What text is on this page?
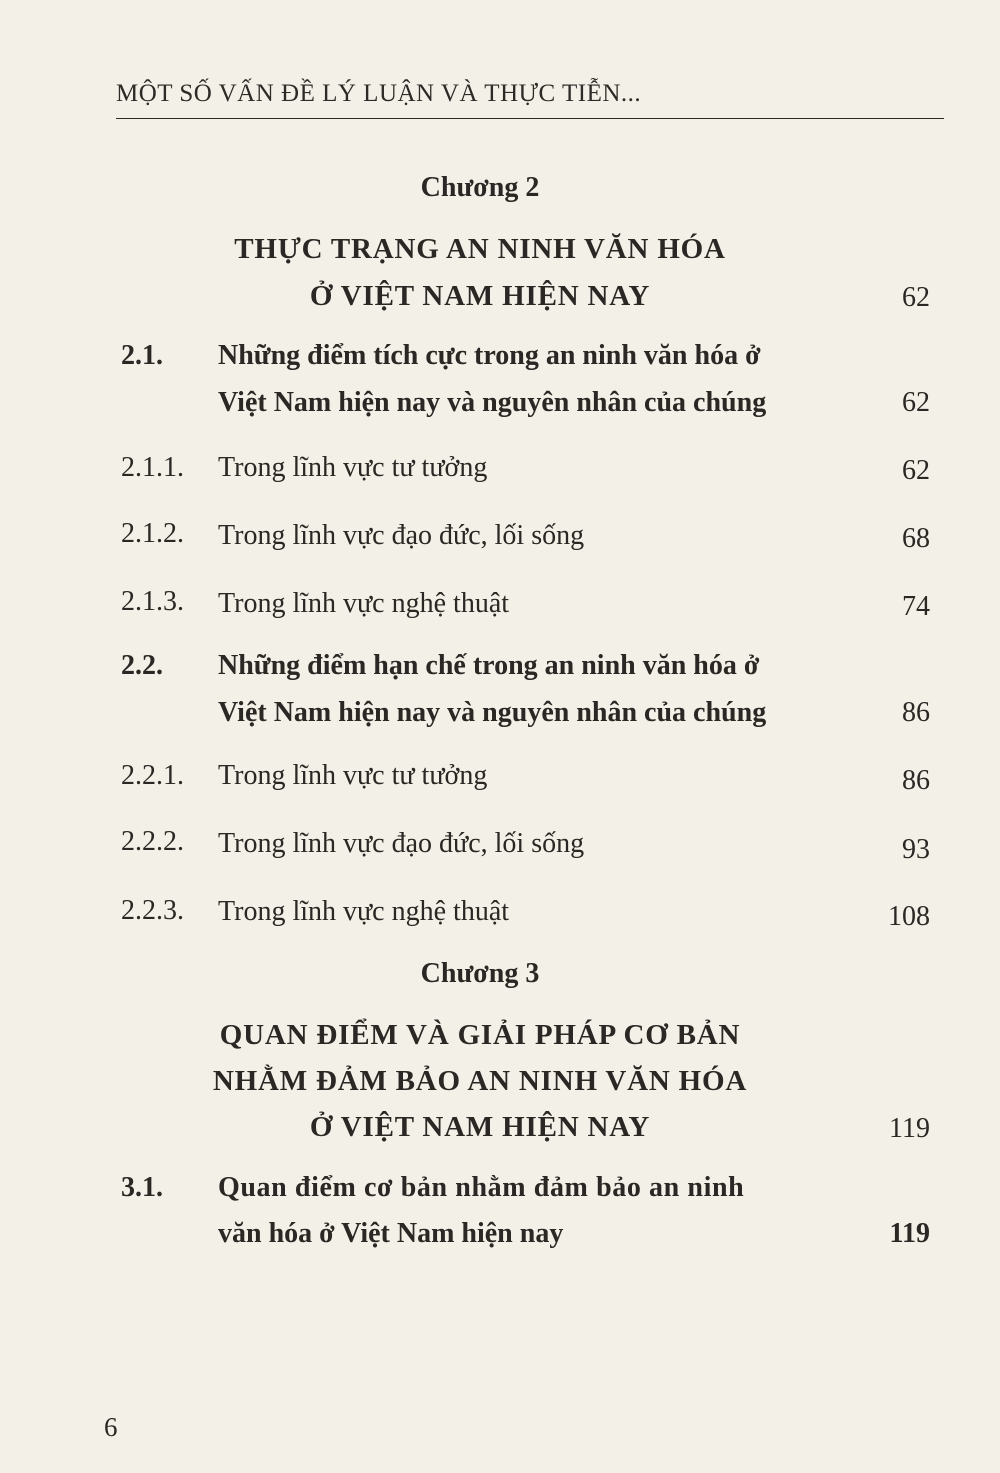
MỘT SỐ VẤN ĐỀ LÝ LUẬN VÀ THỰC TIỄN...
Chương 2
THỰC TRẠNG AN NINH VĂN HÓA
Ở VIỆT NAM HIỆN NAY	62
2.1. Những điểm tích cực trong an ninh văn hóa ở
Việt Nam hiện nay và nguyên nhân của chúng	62
2.1.1. Trong lĩnh vực tư tưởng	62
2.1.2. Trong lĩnh vực đạo đức, lối sống	68
2.1.3. Trong lĩnh vực nghệ thuật	74
2.2. Những điểm hạn chế trong an ninh văn hóa ở
Việt Nam hiện nay và nguyên nhân của chúng	86
2.2.1. Trong lĩnh vực tư tưởng	86
2.2.2. Trong lĩnh vực đạo đức, lối sống	93
2.2.3. Trong lĩnh vực nghệ thuật	108
Chương 3
QUAN ĐIỂM VÀ GIẢI PHÁP CƠ BẢN
NHẰM ĐẢM BẢO AN NINH VĂN HÓA
Ở VIỆT NAM HIỆN NAY	119
3.1. Quan điểm cơ bản nhằm đảm bảo an ninh
văn hóa ở Việt Nam hiện nay	119
6
